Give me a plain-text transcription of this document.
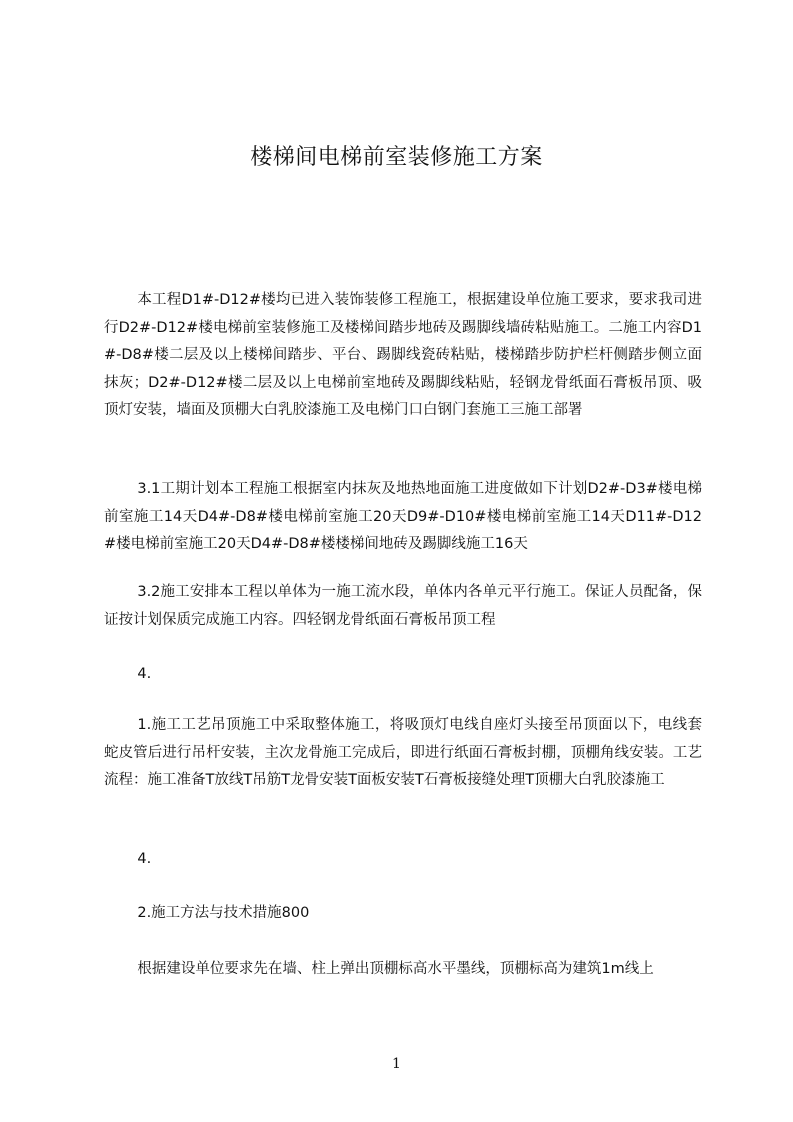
楼梯间电梯前室装修施工方案
本工程D1#-D12#楼均已进入装饰装修工程施工，根据建设单位施工要求，要求我司进行D2#-D12#楼电梯前室装修施工及楼梯间踏步地砖及踢脚线墙砖粘贴施工。二施工内容D1#-D8#楼二层及以上楼梯间踏步、平台、踢脚线瓷砖粘贴，楼梯踏步防护栏杆侧踏步侧立面抹灰；D2#-D12#楼二层及以上电梯前室地砖及踢脚线粘贴，轻钢龙骨纸面石膏板吊顶、吸顶灯安装，墙面及顶棚大白乳胶漆施工及电梯门口白钢门套施工三施工部署
3.1工期计划本工程施工根据室内抹灰及地热地面施工进度做如下计划D2#-D3#楼电梯前室施工14天D4#-D8#楼电梯前室施工20天D9#-D10#楼电梯前室施工14天D11#-D12#楼电梯前室施工20天D4#-D8#楼楼梯间地砖及踢脚线施工16天
3.2施工安排本工程以单体为一施工流水段，单体内各单元平行施工。保证人员配备，保证按计划保质完成施工内容。四轻钢龙骨纸面石膏板吊顶工程
4.
1.施工工艺吊顶施工中采取整体施工，将吸顶灯电线自座灯头接至吊顶面以下，电线套蛇皮管后进行吊杆安装，主次龙骨施工完成后，即进行纸面石膏板封棚，顶棚角线安装。工艺流程：施工准备T放线T吊筋T龙骨安装T面板安装T石膏板接缝处理T顶棚大白乳胶漆施工
4.
2.施工方法与技术措施800
根据建设单位要求先在墙、柱上弹出顶棚标高水平墨线，顶棚标高为建筑1m线上
1
